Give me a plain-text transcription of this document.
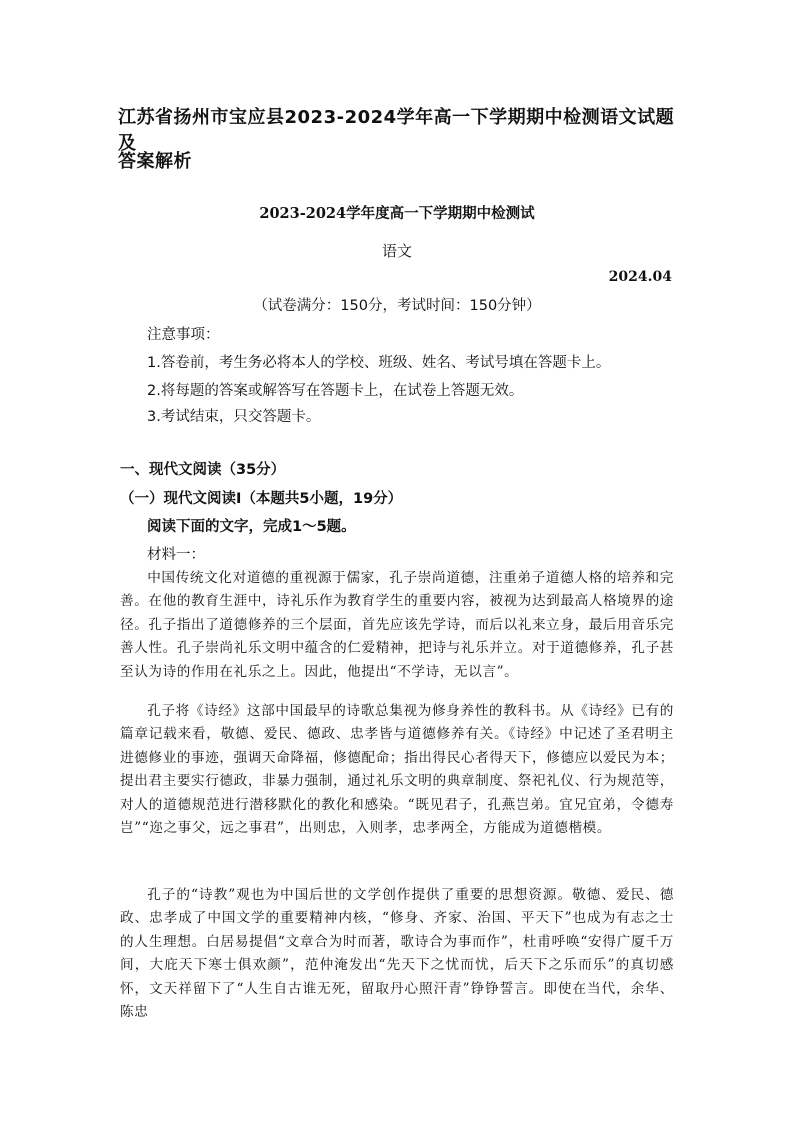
江苏省扬州市宝应县2023-2024学年高一下学期期中检测语文试题及
答案解析
2023-2024学年度高一下学期期中检测试
语文
2024.04
（试卷满分：150分，考试时间：150分钟）
注意事项：
1.答卷前，考生务必将本人的学校、班级、姓名、考试号填在答题卡上。
2.将每题的答案或解答写在答题卡上，在试卷上答题无效。
3.考试结束，只交答题卡。
一、现代文阅读（35分）
（一）现代文阅读Ⅰ（本题共5小题，19分）
阅读下面的文字，完成1～5题。
材料一：
中国传统文化对道德的重视源于儒家，孔子崇尚道德，注重弟子道德人格的培养和完善。在他的教育生涯中，诗礼乐作为教育学生的重要内容，被视为达到最高人格境界的途径。孔子指出了道德修养的三个层面，首先应该先学诗，而后以礼来立身，最后用音乐完善人性。孔子崇尚礼乐文明中蕴含的仁爱精神，把诗与礼乐并立。对于道德修养，孔子甚至认为诗的作用在礼乐之上。因此，他提出“不学诗，无以言”。
孔子将《诗经》这部中国最早的诗歌总集视为修身养性的教科书。从《诗经》已有的篇章记载来看，敬德、爱民、德政、忠孝皆与道德修养有关。《诗经》中记述了圣君明主进德修业的事迹，强调天命降福，修德配命；指出得民心者得天下，修德应以爱民为本；提出君主要实行德政，非暴力强制，通过礼乐文明的典章制度、祭祀礼仪、行为规范等，对人的道德规范进行潜移默化的教化和感染。“既见君子，孔燕岂弟。宜兄宜弟，令德寿岂”“迩之事父，远之事君”，出则忠，入则孝，忠孝两全，方能成为道德楷模。
孔子的“诗教”观也为中国后世的文学创作提供了重要的思想资源。敬德、爱民、德政、忠孝成了中国文学的重要精神内核，“修身、齐家、治国、平天下”也成为有志之士的人生理想。白居易提倡“文章合为时而著，歌诗合为事而作”，杜甫呼唤“安得广厦千万间，大庇天下寒士俱欢颜”，范仲淹发出“先天下之忧而忧，后天下之乐而乐”的真切感怀，文天祥留下了“人生自古谁无死，留取丹心照汗青”铮铮誓言。即使在当代，余华、陈忠
